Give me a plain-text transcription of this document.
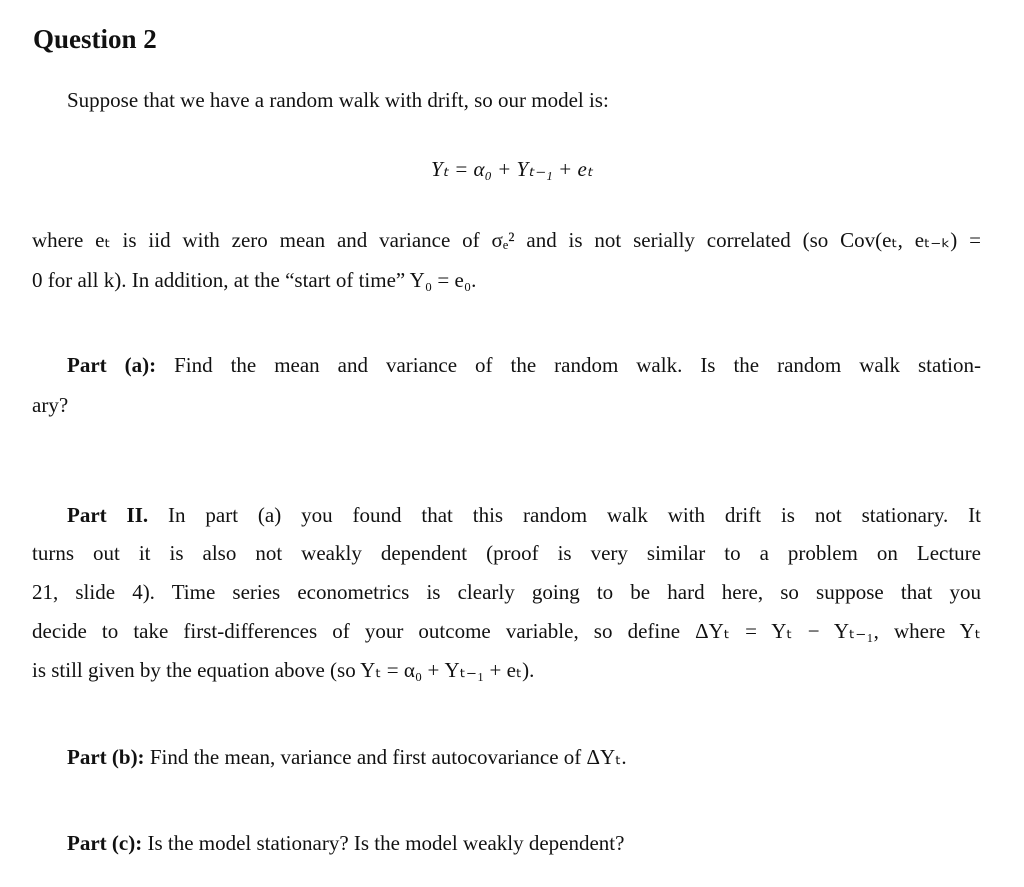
Question 2
Suppose that we have a random walk with drift, so our model is:
Yₜ = α₀ + Yₜ₋₁ + eₜ
where eₜ is iid with zero mean and variance of σₑ² and is not serially correlated (so Cov(eₜ, eₜ₋ₖ) =
0 for all k). In addition, at the “start of time” Y₀ = e₀.
Part (a): Find the mean and variance of the random walk. Is the random walk station-
ary?
Part II. In part (a) you found that this random walk with drift is not stationary. It
turns out it is also not weakly dependent (proof is very similar to a problem on Lecture
21, slide 4). Time series econometrics is clearly going to be hard here, so suppose that you
decide to take first-differences of your outcome variable, so define ΔYₜ = Yₜ − Yₜ₋₁, where Yₜ
is still given by the equation above (so Yₜ = α₀ + Yₜ₋₁ + eₜ).
Part (b): Find the mean, variance and first autocovariance of ΔYₜ.
Part (c): Is the model stationary? Is the model weakly dependent?
